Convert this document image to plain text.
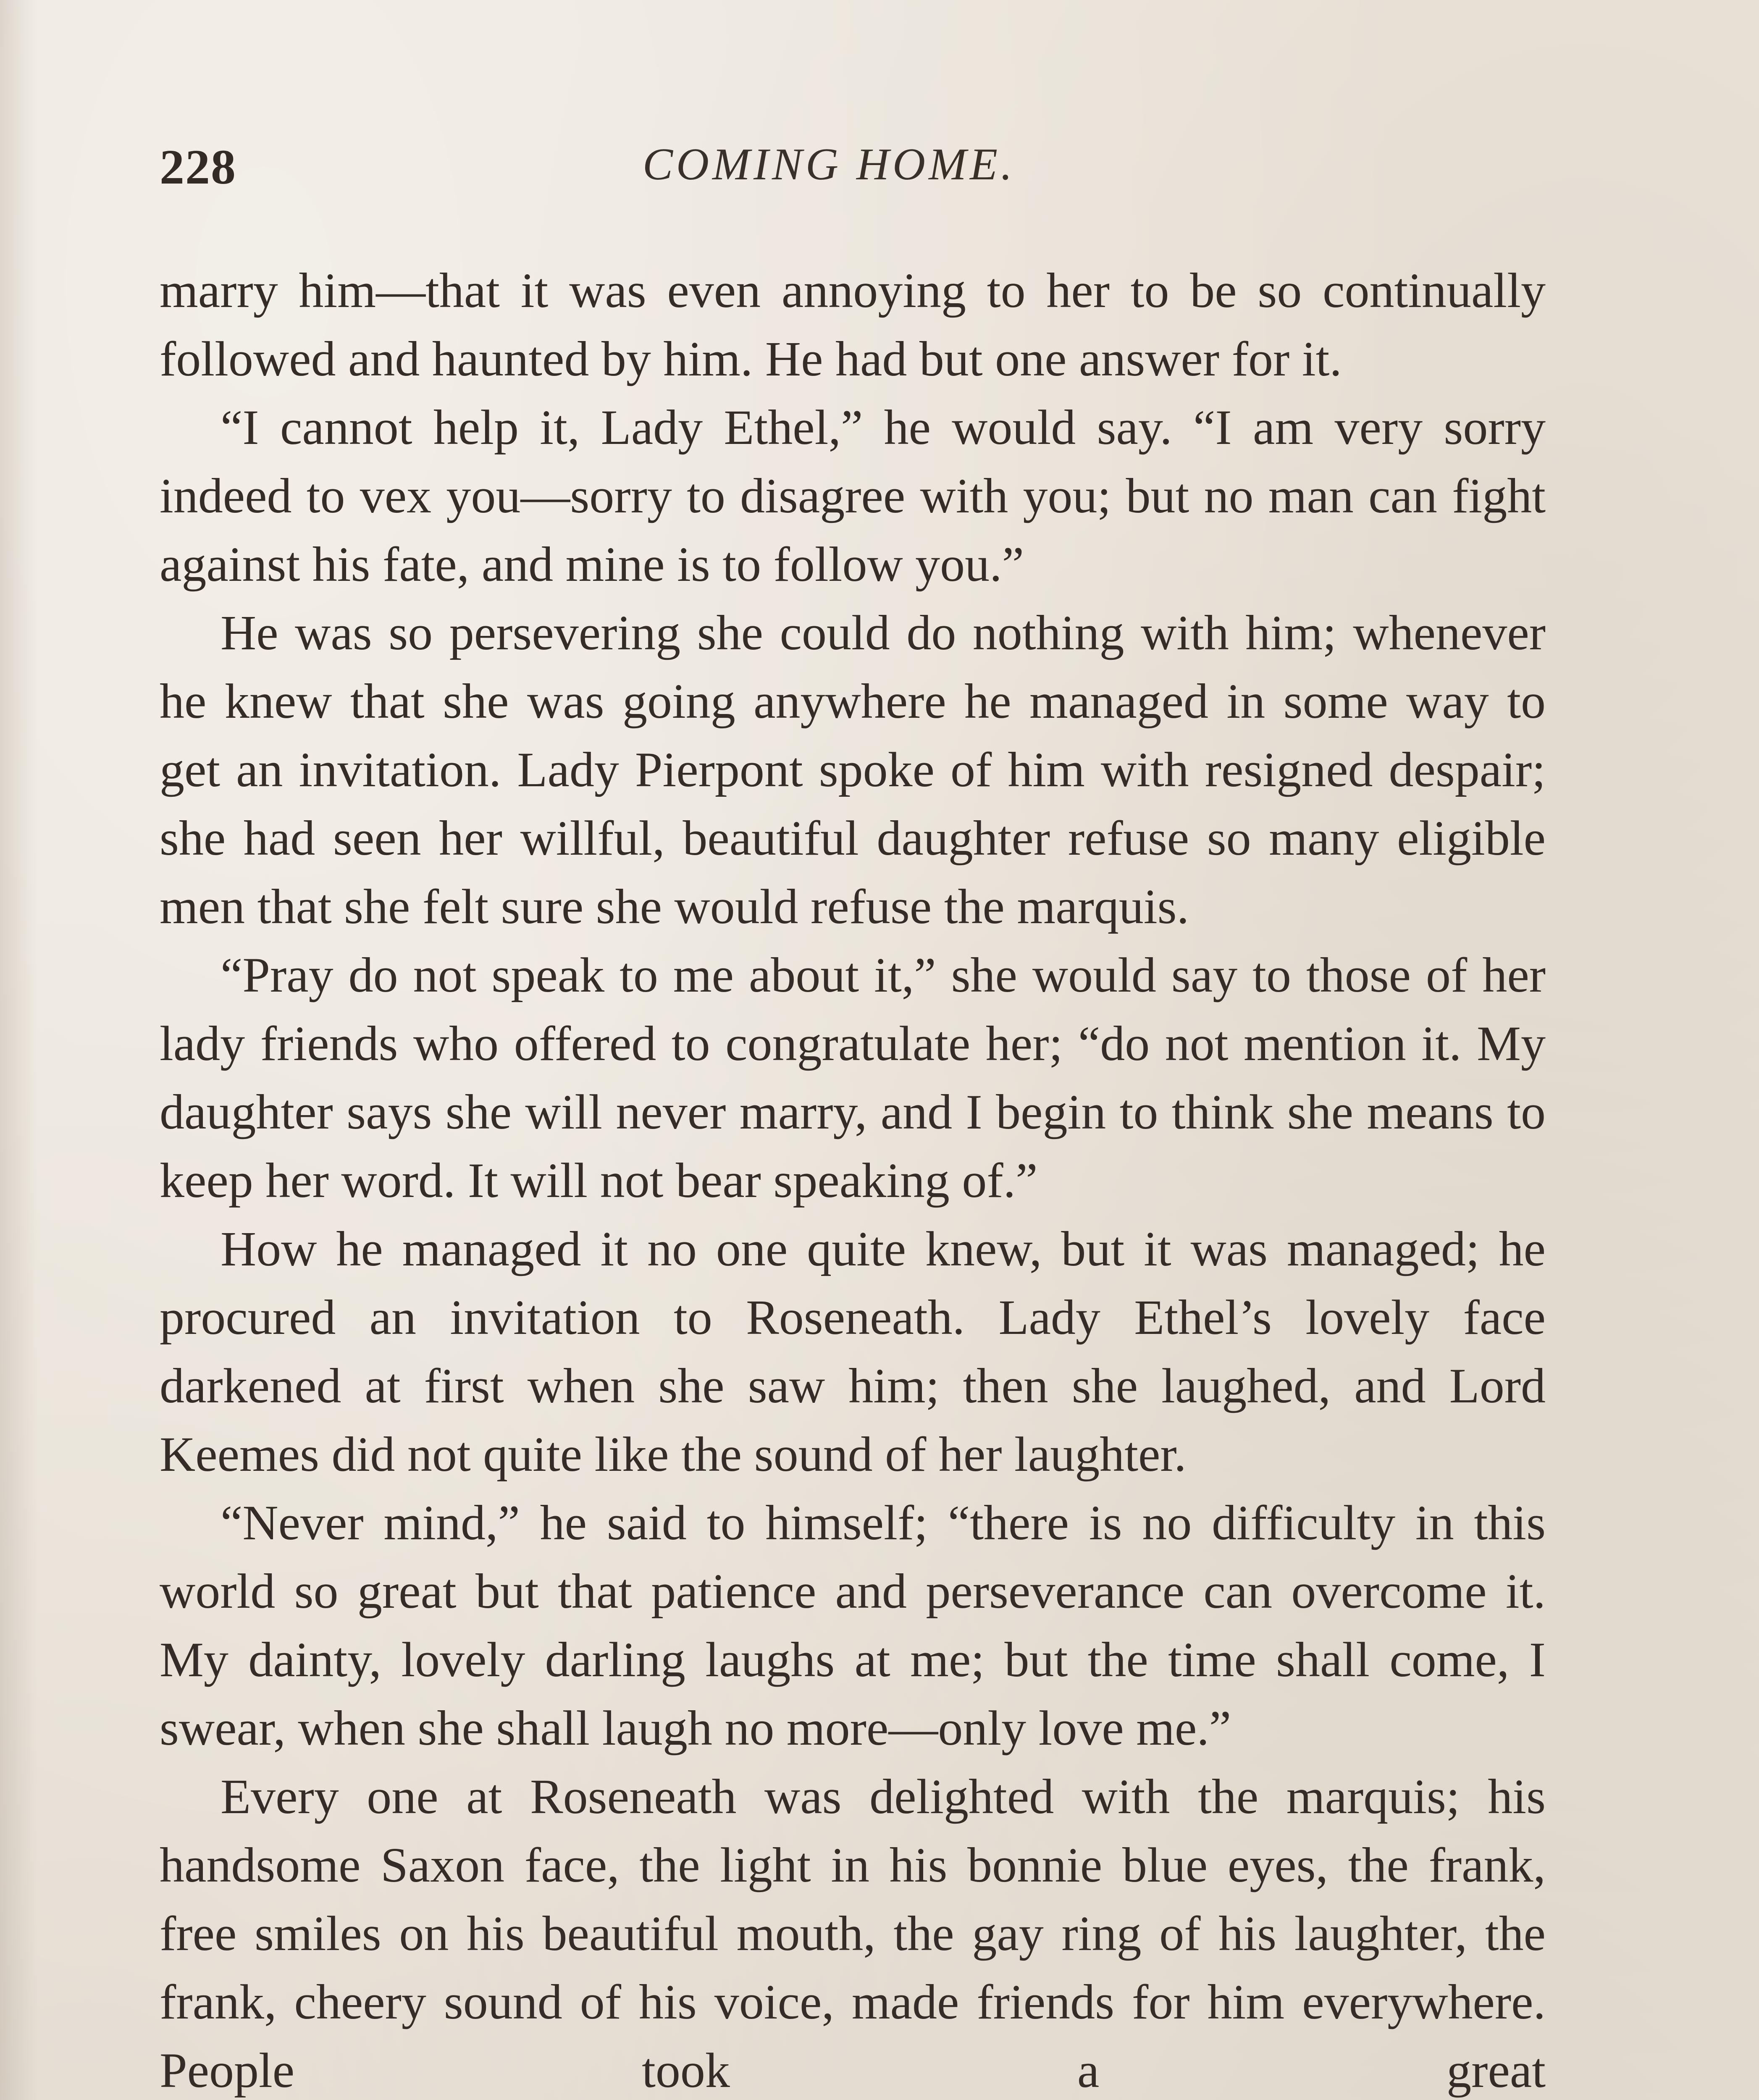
228	COMING HOME.

marry him—that it was even annoying to her to be so continually followed and haunted by him. He had but one answer for it.

“I cannot help it, Lady Ethel,” he would say. “I am very sorry indeed to vex you—sorry to disagree with you; but no man can fight against his fate, and mine is to follow you.”

He was so persevering she could do nothing with him; whenever he knew that she was going anywhere he managed in some way to get an invitation. Lady Pierpont spoke of him with resigned despair; she had seen her willful, beautiful daughter refuse so many eligible men that she felt sure she would refuse the marquis.

“Pray do not speak to me about it,” she would say to those of her lady friends who offered to congratulate her; “do not mention it. My daughter says she will never marry, and I begin to think she means to keep her word. It will not bear speaking of.”

How he managed it no one quite knew, but it was managed; he procured an invitation to Roseneath. Lady Ethel’s lovely face darkened at first when she saw him; then she laughed, and Lord Keemes did not quite like the sound of her laughter.

“Never mind,” he said to himself; “there is no difficulty in this world so great but that patience and perseverance can overcome it. My dainty, lovely darling laughs at me; but the time shall come, I swear, when she shall laugh no more—only love me.”

Every one at Roseneath was delighted with the marquis; his handsome Saxon face, the light in his bonnie blue eyes, the frank, free smiles on his beautiful mouth, the gay ring of his laughter, the frank, cheery sound of his voice, made friends for him everywhere. People took a great
